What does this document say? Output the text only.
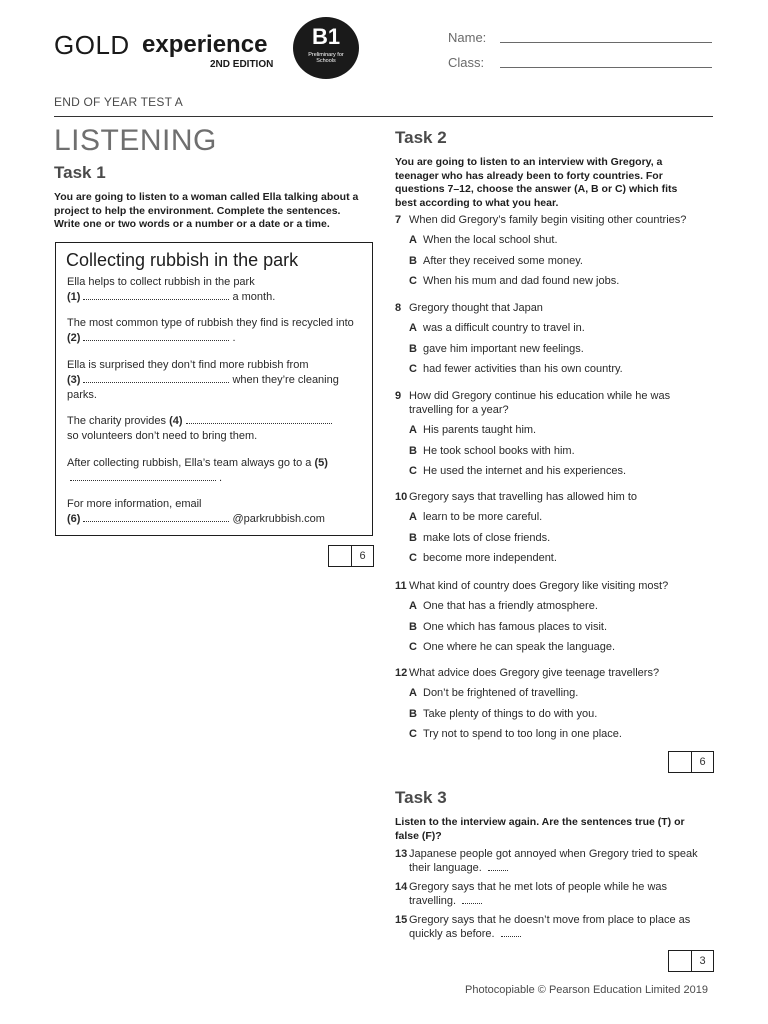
GOLD experience
2ND EDITION
B1
Preliminary for Schools
Name:
Class:
END OF YEAR TEST A
LISTENING
Task 1
You are going to listen to a woman called Ella talking about a project to help the environment. Complete the sentences. Write one or two words or a number or a date or a time.
Collecting rubbish in the park
Ella helps to collect rubbish in the park
(1)	a month.
The most common type of rubbish they find is recycled into (2)	.
Ella is surprised they don’t find more rubbish from
(3)	when they’re cleaning parks.
The charity provides (4)
so volunteers don’t need to bring them.
After collecting rubbish, Ella’s team always go to a (5).
For more information, email
(6)	@parkrubbish.com
6
Task 2
You are going to listen to an interview with Gregory, a teenager who has already been to forty countries. For questions 7–12, choose the answer (A, B or C) which fits best according to what you hear.
7 When did Gregory’s family begin visiting other countries?
A When the local school shut.
B After they received some money.
C When his mum and dad found new jobs.
8 Gregory thought that Japan
A was a difficult country to travel in.
B gave him important new feelings.
C had fewer activities than his own country.
9 How did Gregory continue his education while he was travelling for a year?
A His parents taught him.
B He took school books with him.
C He used the internet and his experiences.
10 Gregory says that travelling has allowed him to
A learn to be more careful.
B make lots of close friends.
C become more independent.
11 What kind of country does Gregory like visiting most?
A One that has a friendly atmosphere.
B One which has famous places to visit.
C One where he can speak the language.
12 What advice does Gregory give teenage travellers?
A Don’t be frightened of travelling.
B Take plenty of things to do with you.
C Try not to spend to too long in one place.
6
Task 3
Listen to the interview again. Are the sentences true (T) or false (F)?
13 Japanese people got annoyed when Gregory tried to speak their language.
14 Gregory says that he met lots of people while he was travelling.
15 Gregory says that he doesn’t move from place to place as quickly as before.
3
Photocopiable © Pearson Education Limited 2019
